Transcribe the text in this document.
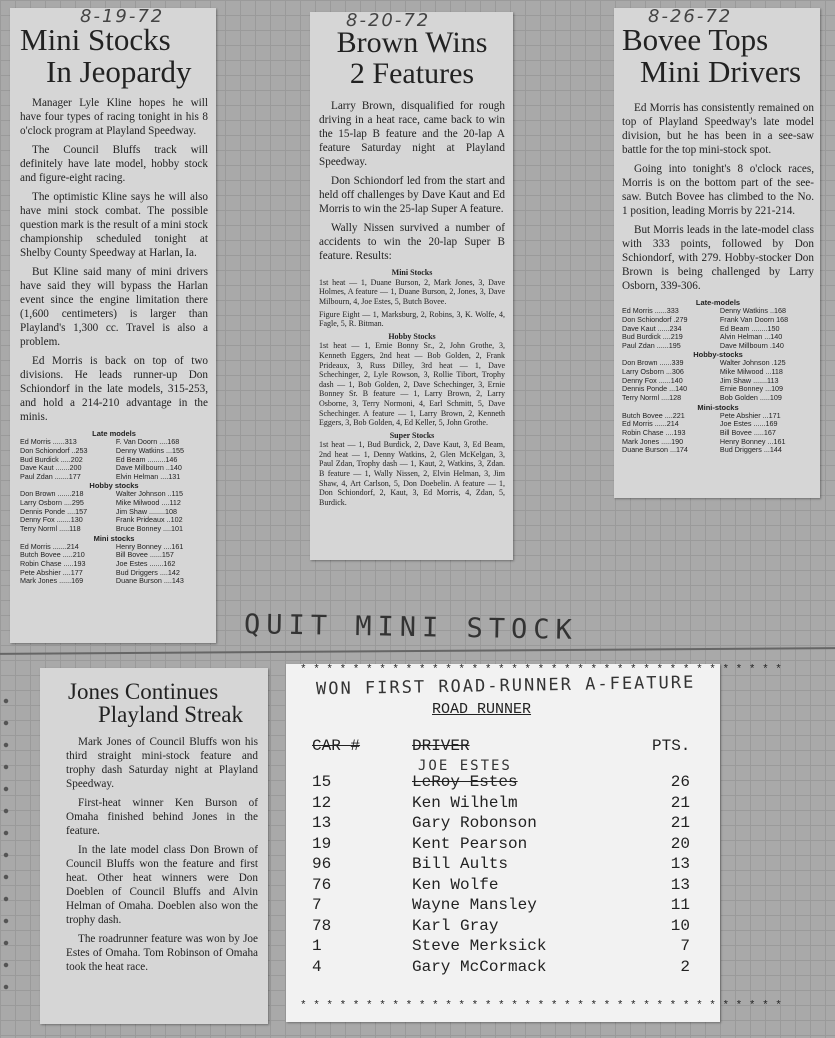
8-19-72
Mini Stocks
In Jeopardy

Manager Lyle Kline hopes he will have four types of racing tonight in his 8 o'clock program at Playland Speedway.

The Council Bluffs track will definitely have late model, hobby stock and figure-eight racing.

The optimistic Kline says he will also have mini stock combat. The possible question mark is the result of a mini stock championship scheduled tonight at Shelby County Speedway at Harlan, Ia.

But Kline said many of mini drivers have said they will bypass the Harlan event since the engine limitation there (1,600 centimeters) is larger than Playland's 1,300 cc. Travel is also a problem.

Ed Morris is back on top of two divisions. He leads runner-up Don Schiondorf in the late models, 315-253, and hold a 214-210 advantage in the minis.

Late models
Ed Morris ......313	F. Van Doorn ....168
Don Schiondorf ..253	Denny Watkins ...155
Bud Burdick .....202	Ed Beam .........146
Dave Kaut .......200	Dave Millbourn ..140
Paul Zdan .......177	Elvin Helman ....131
Hobby stocks
Don Brown .......218	Walter Johnson ..115
Larry Osborn ....295	Mike Milwood ....112
Dennis Ponde ....157	Jim Shaw ........108
Denny Fox .......130	Frank Prideaux ..102
Terry Norml .....118	Bruce Bonney ....101
Mini stocks
Ed Morris .......214	Henry Bonney ....161
Butch Bovee .....210	Bill Bovee ......157
Robin Chase .....193	Joe Estes .......162
Pete Abshier ....177	Bud Driggers ....142
Mark Jones ......169	Duane Burson ....143
8-20-72
Brown Wins
2 Features

Larry Brown, disqualified for rough driving in a heat race, came back to win the 15-lap B feature and the 20-lap A feature Saturday night at Playland Speedway.

Don Schiondorf led from the start and held off challenges by Dave Kaut and Ed Morris to win the 25-lap Super A feature.

Wally Nissen survived a number of accidents to win the 20-lap Super B feature. Results:

Mini Stocks
1st heat — 1, Duane Burson, 2, Mark Jones, 3, Dave Holmes, A feature — 1, Duane Burson, 2, Jones, 3, Dave Milbourn, 4, Joe Estes, 5, Butch Bovee.

Figure Eight — 1, Marksburg, 2, Robins, 3, K. Wolfe, 4, Fagle, 5, R. Bitman.

Hobby Stocks
1st heat — 1, Ernie Bonny Sr., 2, John Grothe, 3, Kenneth Eggers, 2nd heat — Bob Golden, 2, Frank Prideaux, 3, Russ Dilley, 3rd heat — 1, Dave Schechinger, 2, Lyle Rowson, 3, Rollie Tibort, Trophy dash — 1, Bob Golden, 2, Dave Schechinger, 3, Ernie Bonney Sr. B feature — 1, Larry Brown, 2, Larry Osborne, 3, Terry Normoni, 4, Earl Schmitt, 5, Dave Schechinger. A feature — 1, Larry Brown, 2, Kenneth Eggers, 3, Bob Golden, 4, Ed Keller, 5, John Grothe.

Super Stocks
1st heat — 1, Bud Burdick, 2, Dave Kaut, 3, Ed Beam, 2nd heat — 1, Denny Watkins, 2, Glen McKelgan, 3, Paul Zdan, Trophy dash — 1, Kaut, 2, Watkins, 3, Zdan. B feature — 1, Wally Nissen, 2, Elvin Helman, 3, Jim Shaw, 4, Art Carlson, 5, Don Doebelin. A feature — 1, Don Schiondorf, 2, Kaut, 3, Ed Morris, 4, Zdan, 5, Burdick.

8-26-72
Bovee Tops
Mini Drivers

Ed Morris has consistently remained on top of Playland Speedway's late model division, but he has been in a see-saw battle for the top mini-stock spot.

Going into tonight's 8 o'clock races, Morris is on the bottom part of the see-saw. Butch Bovee has climbed to the No. 1 position, leading Morris by 221-214.

But Morris leads in the late-model class with 333 points, followed by Don Schiondorf, with 279. Hobby-stocker Don Brown is being challenged by Larry Osborn, 339-306.

Late-models
Ed Morris ......333	Denny Watkins ..168
Don Schiondorf .279	Frank Van Doorn 168
Dave Kaut ......234	Ed Beam ........150
Bud Burdick ....219	Alvin Helman ...140
Paul Zdan ......195	Dave Millbourn .140
Hobby-stocks
Don Brown ......339	Walter Johnson .125
Larry Osborn ...306	Mike Milwood ...118
Denny Fox ......140	Jim Shaw .......113
Dennis Ponde ...140	Ernie Bonney ...109
Terry Norml ....128	Bob Golden .....109
Mini-stocks
Butch Bovee ....221	Pete Abshier ...171
Ed Morris ......214	Joe Estes ......169
Robin Chase ....193	Bill Bovee .....167
Mark Jones .....190	Henry Bonney ...161
Duane Burson ...174	Bud Driggers ...144
QUIT MINI STOCK
Jones Continues
Playland Streak

Mark Jones of Council Bluffs won his third straight mini-stock feature and trophy dash Saturday night at Playland Speedway.

First-heat winner Ken Burson of Omaha finished behind Jones in the feature.

In the late model class Don Brown of Council Bluffs won the feature and first heat. Other heat winners were Don Doeblen of Council Bluffs and Alvin Helman of Omaha. Doeblen also won the trophy dash.

The roadrunner feature was won by Joe Estes of Omaha. Tom Robinson of Omaha took the heat race.

* * * * * * * * * * * * * * * * * * * * * * * * * * * * * * * * * * * * *
WON FIRST ROAD-RUNNER A-FEATURE
ROAD RUNNER
CAR #	DRIVER	PTS.
JOE ESTES
15	LeRoy Estes	26
12	Ken Wilhelm	21
13	Gary Robonson	21
19	Kent Pearson	20
96	Bill Aults	13
76	Ken Wolfe	13
7	Wayne Mansley	11
78	Karl Gray	10
1	Steve Merksick	7
4	Gary McCormack	2
* * * * * * * * * * * * * * * * * * * * * * * * * * * * * * * * * * * * *
